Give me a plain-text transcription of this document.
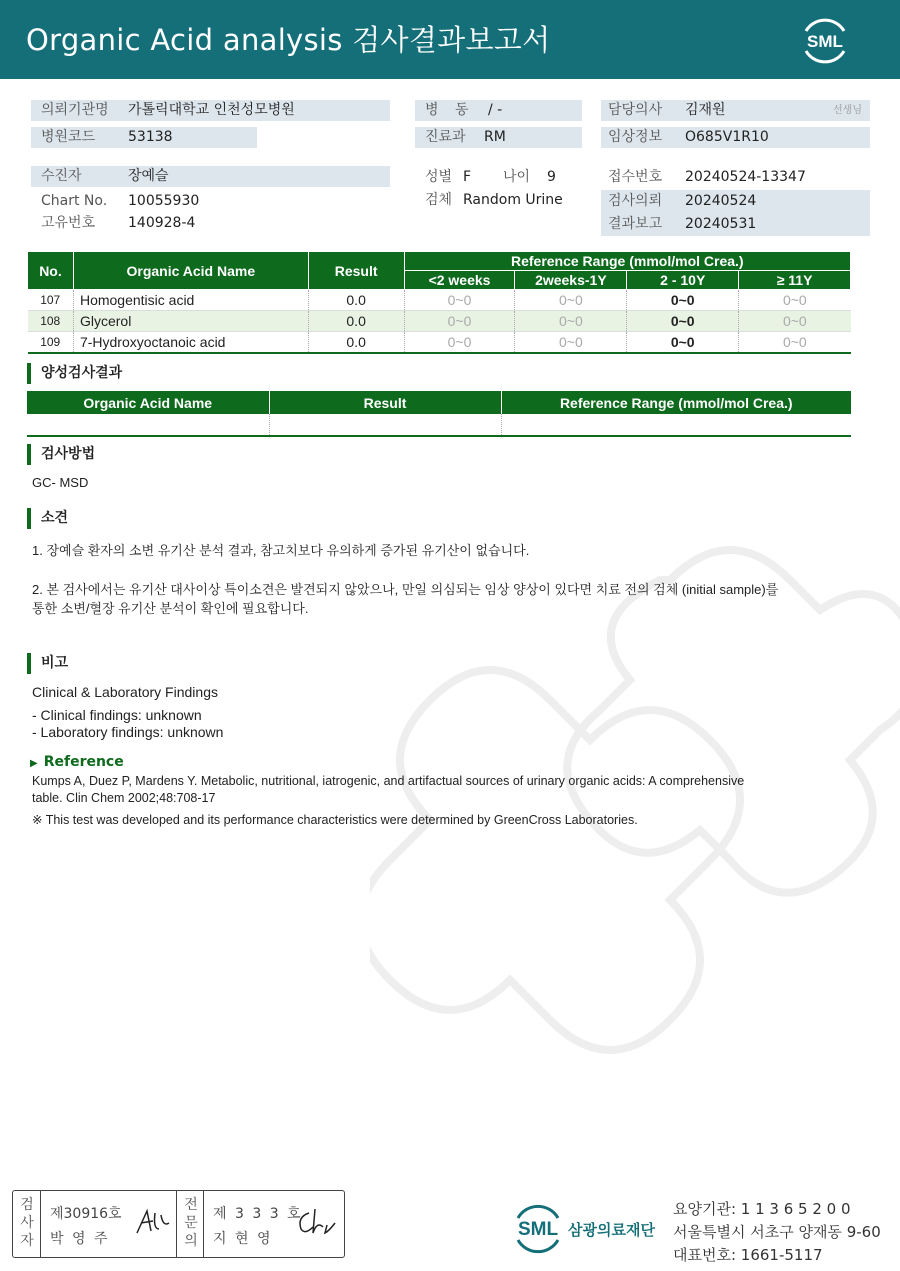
Organic Acid analysis 검사결과보고서	SML
의뢰기관명 가톨릭대학교 인천성모병원
병원코드 53138
병 동 / -
진료과 RM
담당의사 김재원	선생님
임상정보 O685V1R10
수진자	장예슬
Chart No. 10055930
고유번호 140928-4
성별 F 나이 9
검체 Random Urine
접수번호 20240524-13347
검사의뢰 20240524
결과보고 20240531
No.	Organic Acid Name	Result	Reference Range (mmol/mol Crea.)			
			<2 weeks	2weeks-1Y	2 - 10Y	≥ 11Y
107	Homogentisic acid	0.0	0~0	0~0	0~0	0~0
108	Glycerol	0.0	0~0	0~0	0~0	0~0
109	7-Hydroxyoctanoic acid	0.0	0~0	0~0	0~0	0~0
양성검사결과
Organic Acid Name	Result	Reference Range (mmol/mol Crea.)

검사방법
GC- MSD
소견
1. 장예슬 환자의 소변 유기산 분석 결과, 참고치보다 유의하게 증가된 유기산이 없습니다.
2. 본 검사에서는 유기산 대사이상 특이소견은 발견되지 않았으나, 만일 의심되는 임상 양상이 있다면 치료 전의 검체 (initial sample)를
통한 소변/혈장 유기산 분석이 확인에 필요합니다.
비고
Clinical & Laboratory Findings
- Clinical findings: unknown
- Laboratory findings: unknown
▶ Reference
Kumps A, Duez P, Mardens Y. Metabolic, nutritional, iatrogenic, and artifactual sources of urinary organic acids: A comprehensive
table. Clin Chem 2002;48:708-17
※ This test was developed and its performance characteristics were determined by GreenCross Laboratories.
검사자
제30916호
박 영 주
전문의
제 3 3 3 호
지 현 영	SML 삼광의료재단
요양기관: 1 1 3 6 5 2 0 0
서울특별시 서초구 양재동 9-60
대표번호: 1661-5117
